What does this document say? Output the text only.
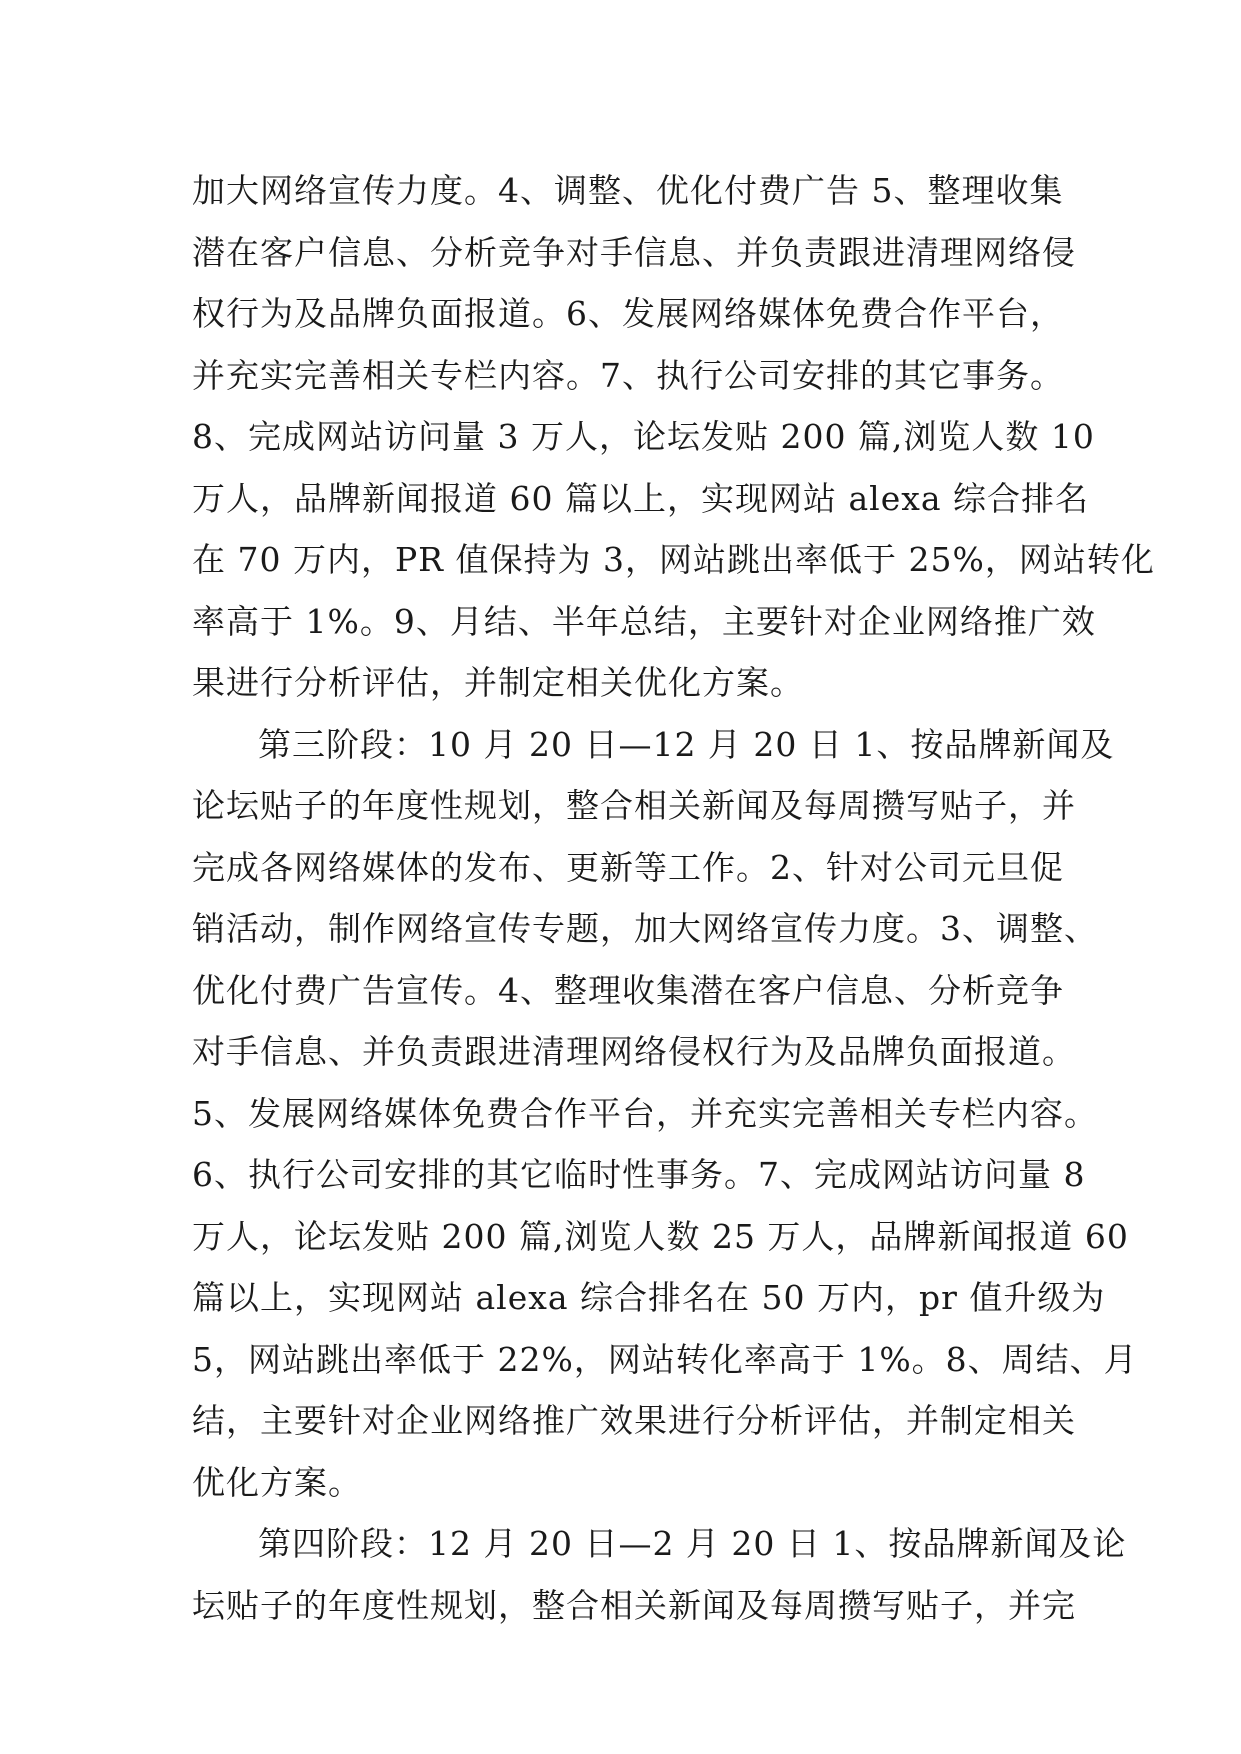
加大网络宣传力度。4、调整、优化付费广告 5、整理收集
潜在客户信息、分析竞争对手信息、并负责跟进清理网络侵
权行为及品牌负面报道。6、发展网络媒体免费合作平台，
并充实完善相关专栏内容。7、执行公司安排的其它事务。
8、完成网站访问量 3 万人，论坛发贴 200 篇,浏览人数 10
万人，品牌新闻报道 60 篇以上，实现网站 alexa 综合排名
在 70 万内，PR 值保持为 3，网站跳出率低于 25%，网站转化
率高于 1%。9、月结、半年总结，主要针对企业网络推广效
果进行分析评估，并制定相关优化方案。
第三阶段：10 月 20 日—12 月 20 日 1、按品牌新闻及
论坛贴子的年度性规划，整合相关新闻及每周攒写贴子，并
完成各网络媒体的发布、更新等工作。2、针对公司元旦促
销活动，制作网络宣传专题，加大网络宣传力度。3、调整、
优化付费广告宣传。4、整理收集潜在客户信息、分析竞争
对手信息、并负责跟进清理网络侵权行为及品牌负面报道。
5、发展网络媒体免费合作平台，并充实完善相关专栏内容。
6、执行公司安排的其它临时性事务。7、完成网站访问量 8
万人，论坛发贴 200 篇,浏览人数 25 万人，品牌新闻报道 60
篇以上，实现网站 alexa 综合排名在 50 万内，pr 值升级为
5，网站跳出率低于 22%，网站转化率高于 1%。8、周结、月
结，主要针对企业网络推广效果进行分析评估，并制定相关
优化方案。
第四阶段：12 月 20 日—2 月 20 日 1、按品牌新闻及论
坛贴子的年度性规划，整合相关新闻及每周攒写贴子，并完
